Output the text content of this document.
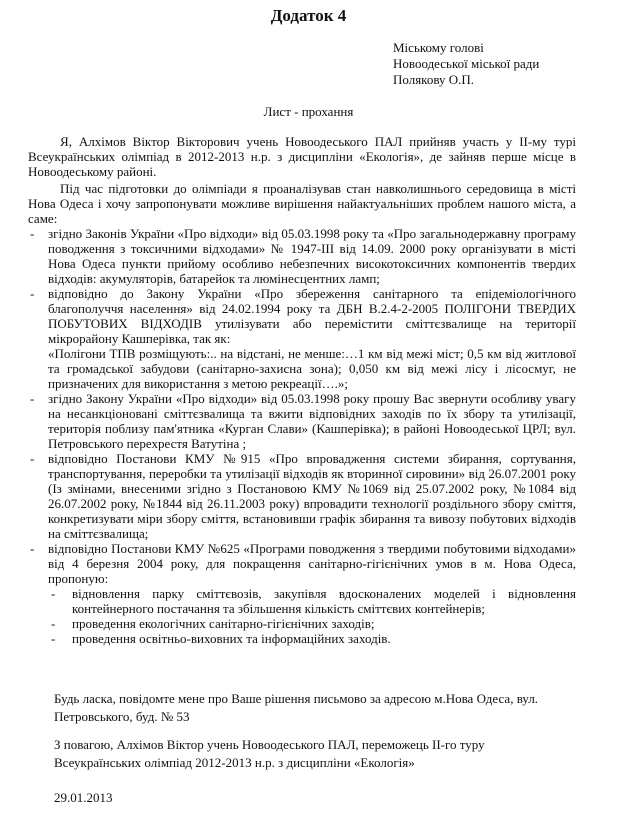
Додаток 4
Міському голові
Новоодеської міської ради
Полякову О.П.
Лист - прохання

Я, Алхімов Віктор Вікторович учень Новоодеського ПАЛ прийняв участь у ІІ-му турі Всеукраїнських олімпіад в 2012-2013 н.р. з дисципліни «Екологія», де зайняв перше місце в Новоодеському районі.

Під час підготовки до олімпіади я проаналізував стан навколишнього середовища в місті Нова Одеса і хочу запропонувати можливе вирішення найактуальніших проблем нашого міста, а саме:

- згідно Законів України «Про відходи» від 05.03.1998 року та «Про загальнодержавну програму поводження з токсичними відходами» № 1947-ІІІ від 14.09. 2000 року організувати в місті Нова Одеса пункти прийому особливо небезпечних високотоксичних компонентів твердих відходів: акумуляторів, батарейок та люмінесцентних ламп;
- відповідно до Закону України «Про збереження санітарного та епідеміологічного благополуччя населення» від 24.02.1994 року та ДБН В.2.4-2-2005 ПОЛІГОНИ ТВЕРДИХ ПОБУТОВИХ ВІДХОДІВ утилізувати або перемістити сміттєзвалище на території мікрорайону Кашперівка, так як:
«Полігони ТПВ розміщують:.. на відстані, не менше:…1 км від межі міст; 0,5 км від житлової та громадської забудови (санітарно-захисна зона); 0,050 км від межі лісу і лісосмуг, не призначених для використання з метою рекреації….»;
- згідно Закону України «Про відходи» від 05.03.1998 року прошу Вас звернути особливу увагу на несанкціоновані сміттєзвалища та вжити відповідних заходів по їх збору та утилізації, територія поблизу пам'ятника «Курган Слави» (Кашперівка); в районі Новоодеської ЦРЛ; вул. Петровського перехрестя Ватутіна ;
- відповідно Постанови КМУ №915 «Про впровадження системи збирання, сортування, транспортування, переробки та утилізації відходів як вторинної сировини» від 26.07.2001 року (Із змінами, внесеними згідно з Постановою КМУ №1069 від 25.07.2002 року, №1084 від 26.07.2002 року, №1844 від 26.11.2003 року) впровадити технології роздільного збору сміття, конкретизувати міри збору сміття, встановивши графік збирання та вивозу побутових відходів на сміттєзвалища;
- відповідно Постанови КМУ №625 «Програми поводження з твердими побутовими відходами» від 4 березня 2004 року, для покращення санітарно-гігієнічних умов в м. Нова Одеса, пропоную:
- відновлення парку сміттєвозів, закупівля вдосконалених моделей і відновлення контейнерного постачання та збільшення кількість сміттєвих контейнерів;
- проведення екологічних санітарно-гігієнічних заходів;
- проведення освітньо-виховних та інформаційних заходів.
Будь ласка, повідомте мене про Ваше рішення письмово за адресою м.Нова Одеса, вул. Петровського, буд. № 53
З повагою, Алхімов Віктор учень Новоодеського ПАЛ, переможець ІІ-го туру Всеукраїнських олімпіад 2012-2013 н.р. з дисципліни «Екологія»
29.01.2013
